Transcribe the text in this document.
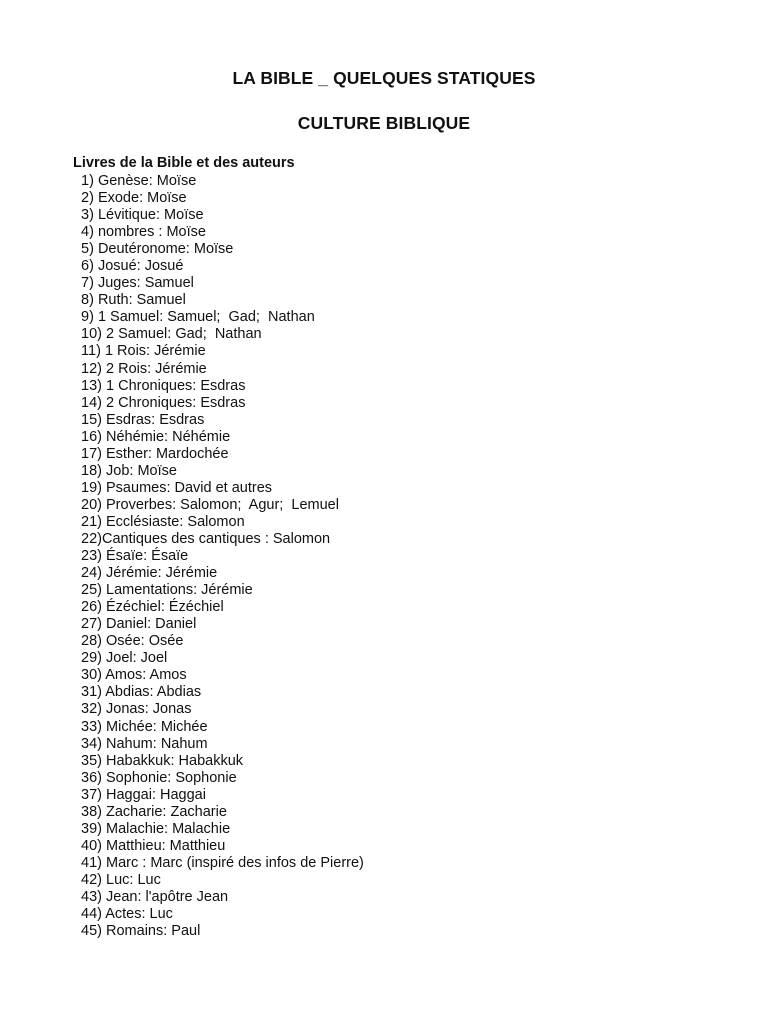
LA BIBLE _ QUELQUES STATIQUES
CULTURE BIBLIQUE
Livres de la Bible et des auteurs
1) Genèse: Moïse
2) Exode: Moïse
3) Lévitique: Moïse
4) nombres : Moïse
5) Deutéronome: Moïse
6) Josué: Josué
7) Juges: Samuel
8) Ruth: Samuel
9) 1 Samuel: Samuel;  Gad;  Nathan
10) 2 Samuel: Gad;  Nathan
11) 1 Rois: Jérémie
12) 2 Rois: Jérémie
13) 1 Chroniques: Esdras
14) 2 Chroniques: Esdras
15) Esdras: Esdras
16) Néhémie: Néhémie
17) Esther: Mardochée
18) Job: Moïse
19) Psaumes: David et autres
20) Proverbes: Salomon;  Agur;  Lemuel
21) Ecclésiaste: Salomon
22)Cantiques des cantiques : Salomon
23) Ésaïe: Ésaïe
24) Jérémie: Jérémie
25) Lamentations: Jérémie
26) Ézéchiel: Ézéchiel
27) Daniel: Daniel
28) Osée: Osée
29) Joel: Joel
30) Amos: Amos
31) Abdias: Abdias
32) Jonas: Jonas
33) Michée: Michée
34) Nahum: Nahum
35) Habakkuk: Habakkuk
36) Sophonie: Sophonie
37) Haggai: Haggai
38) Zacharie: Zacharie
39) Malachie: Malachie
40) Matthieu: Matthieu
41) Marc : Marc (inspiré des infos de Pierre)
42) Luc: Luc
43) Jean: l'apôtre Jean
44) Actes: Luc
45) Romains: Paul
